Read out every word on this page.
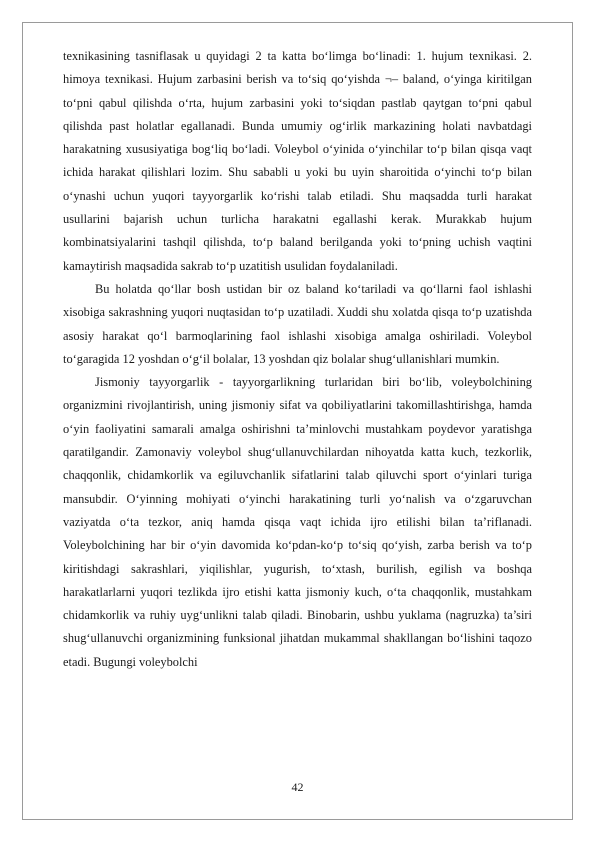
texnikasining tasniflasak u quyidagi 2 ta katta bo‘limga bo‘linadi: 1. hujum texnikasi. 2. himoya texnikasi. Hujum zarbasini berish va to‘siq qo‘yishda ¬– baland, o‘yinga kiritilgan to‘pni qabul qilishda o‘rta, hujum zarbasini yoki to‘siqdan pastlab qaytgan to‘pni qabul qilishda past holatlar egallanadi. Bunda umumiy og‘irlik markazining holati navbatdagi harakatning xususiyatiga bog‘liq bo‘ladi. Voleybol o‘yinida o‘yinchilar to‘p bilan qisqa vaqt ichida harakat qilishlari lozim. Shu sababli u yoki bu uyin sharoitida o‘yinchi to‘p bilan o‘ynashi uchun yuqori tayyorgarlik ko‘rishi talab etiladi. Shu maqsadda turli harakat usullarini bajarish uchun turlicha harakatni egallashi kerak. Murakkab hujum kombinatsiyalarini tashqil qilishda, to‘p baland berilganda yoki to‘pning uchish vaqtini kamaytirish maqsadida sakrab to‘p uzatitish usulidan foydalaniladi.

Bu holatda qo‘llar bosh ustidan bir oz baland ko‘tariladi va qo‘llarni faol ishlashi xisobiga sakrashning yuqori nuqtasidan to‘p uzatiladi. Xuddi shu xolatda qisqa to‘p uzatishda asosiy harakat qo‘l barmoqlarining faol ishlashi xisobiga amalga oshiriladi. Voleybol to‘garagida 12 yoshdan o‘g‘il bolalar, 13 yoshdan qiz bolalar shug‘ullanishlari mumkin.

Jismoniy tayyorgarlik - tayyorgarlikning turlaridan biri bo‘lib, voleybolchining organizmini rivojlantirish, uning jismoniy sifat va qobiliyatlarini takomillashtirishga, hamda o‘yin faoliyatini samarali amalga oshirishni ta’minlovchi mustahkam poydevor yaratishga qaratilgandir. Zamonaviy voleybol shug‘ullanuvchilardan nihoyatda katta kuch, tezkorlik, chaqqonlik, chidamkorlik va egiluvchanlik sifatlarini talab qiluvchi sport o‘yinlari turiga mansubdir. O‘yinning mohiyati o‘yinchi harakatining turli yo‘nalish va o‘zgaruvchan vaziyatda o‘ta tezkor, aniq hamda qisqa vaqt ichida ijro etilishi bilan ta’riflanadi. Voleybolchining har bir o‘yin davomida ko‘pdan-ko‘p to‘siq qo‘yish, zarba berish va to‘p kiritishdagi sakrashlari, yiqilishlar, yugurish, to‘xtash, burilish, egilish va boshqa harakatlarlarni yuqori tezlikda ijro etishi katta jismoniy kuch, o‘ta chaqqonlik, mustahkam chidamkorlik va ruhiy uyg‘unlikni talab qiladi. Binobarin, ushbu yuklama (nagruzka) ta’siri shug‘ullanuvchi organizmining funksional jihatdan mukammal shakllangan bo‘lishini taqozo etadi. Bugungi voleybolchi

42
